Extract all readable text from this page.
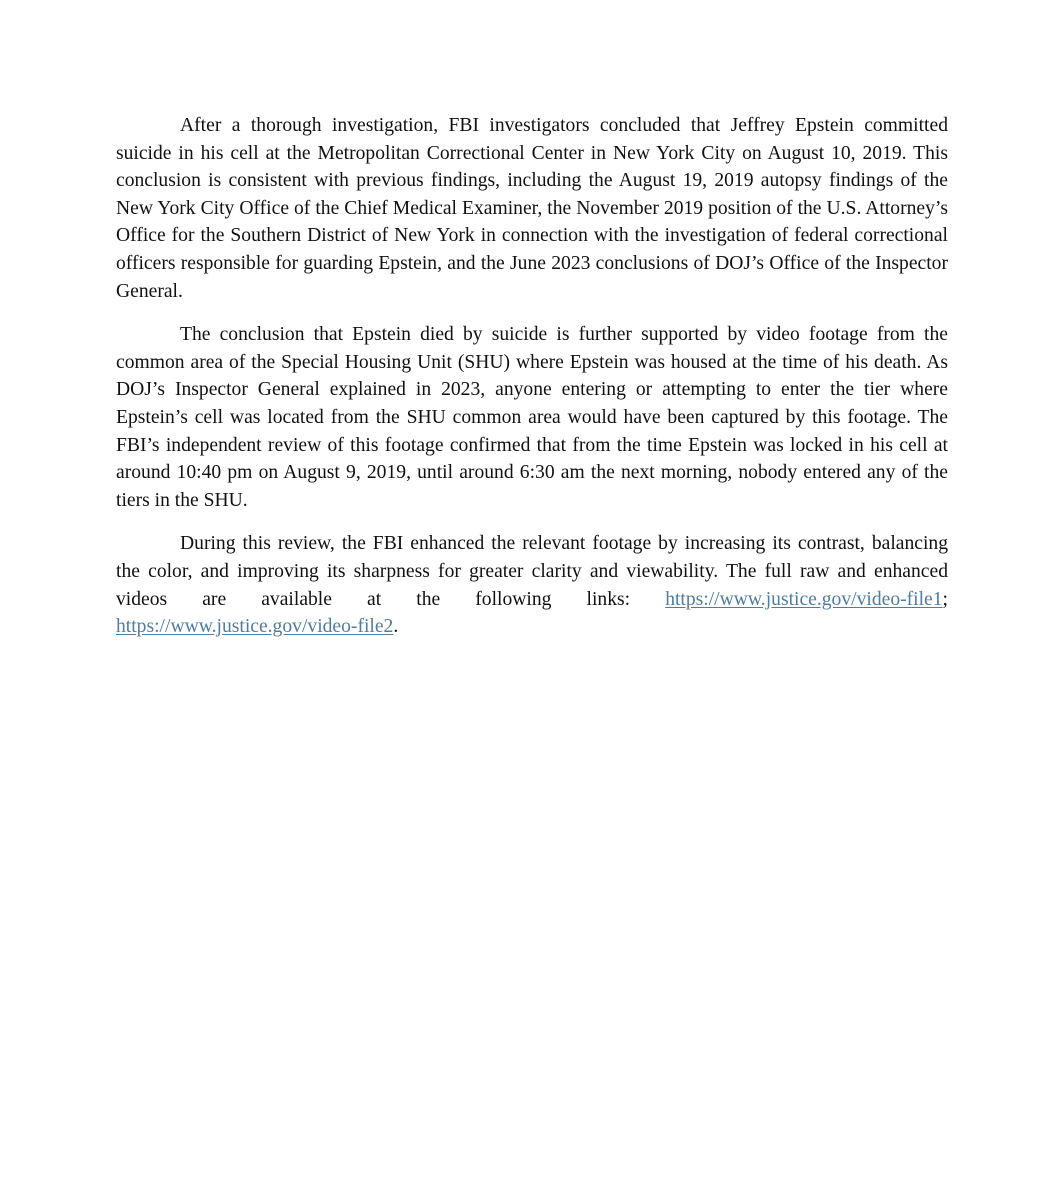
After a thorough investigation, FBI investigators concluded that Jeffrey Epstein committed suicide in his cell at the Metropolitan Correctional Center in New York City on August 10, 2019. This conclusion is consistent with previous findings, including the August 19, 2019 autopsy findings of the New York City Office of the Chief Medical Examiner, the November 2019 position of the U.S. Attorney’s Office for the Southern District of New York in connection with the investigation of federal correctional officers responsible for guarding Epstein, and the June 2023 conclusions of DOJ’s Office of the Inspector General.

The conclusion that Epstein died by suicide is further supported by video footage from the common area of the Special Housing Unit (SHU) where Epstein was housed at the time of his death. As DOJ’s Inspector General explained in 2023, anyone entering or attempting to enter the tier where Epstein’s cell was located from the SHU common area would have been captured by this footage. The FBI’s independent review of this footage confirmed that from the time Epstein was locked in his cell at around 10:40 pm on August 9, 2019, until around 6:30 am the next morning, nobody entered any of the tiers in the SHU.

During this review, the FBI enhanced the relevant footage by increasing its contrast, balancing the color, and improving its sharpness for greater clarity and viewability. The full raw and enhanced videos are available at the following links: https://www.justice.gov/video-file1; https://www.justice.gov/video-file2.
